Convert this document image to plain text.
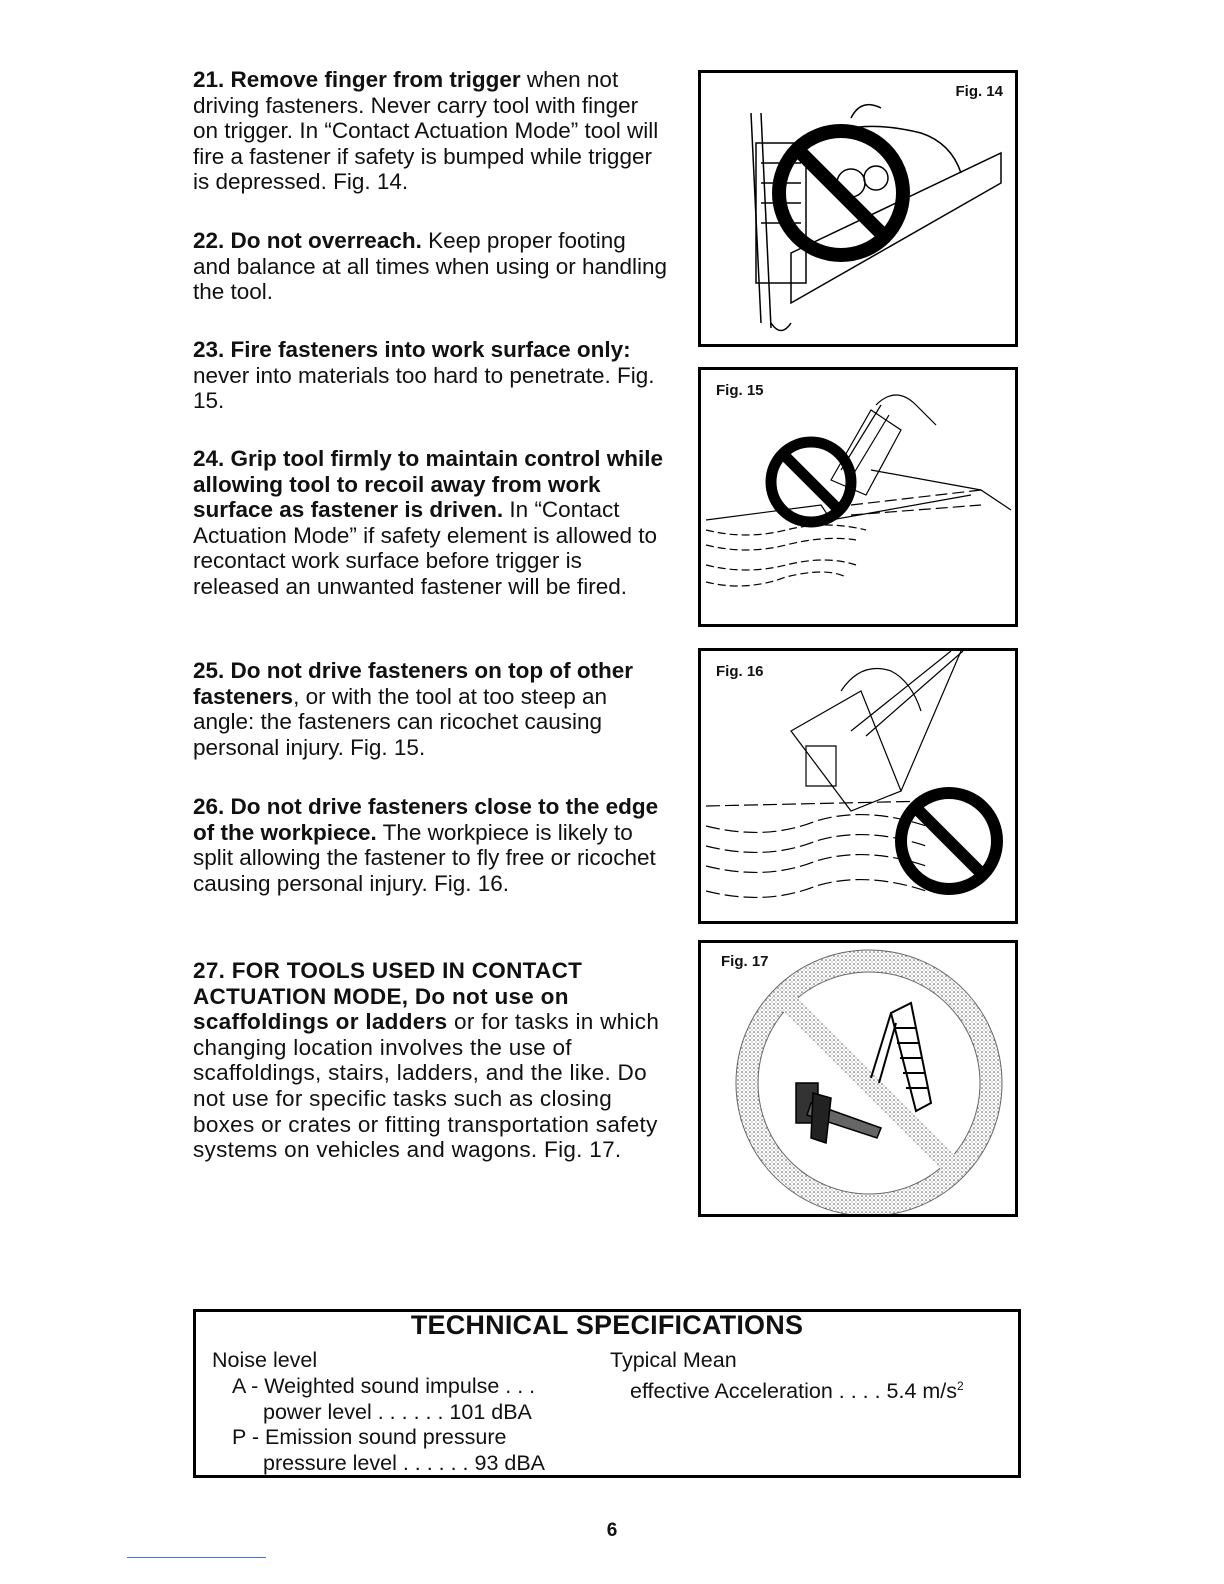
21. Remove finger from trigger when not driving fasteners. Never carry tool with finger on trigger. In “Contact Actuation Mode” tool will fire a fastener if safety is bumped while trigger is depressed. Fig. 14.
22. Do not overreach. Keep proper footing and balance at all times when using or handling the tool.
23. Fire fasteners into work surface only: never into materials too hard to penetrate. Fig. 15.
24. Grip tool firmly to maintain control while allowing tool to recoil away from work surface as fastener is driven. In “Contact Actuation Mode” if safety element is allowed to recontact work surface before trigger is released an unwanted fastener will be fired.
25. Do not drive fasteners on top of other fasteners, or with the tool at too steep an angle: the fasteners can ricochet causing personal injury. Fig. 15.
26. Do not drive fasteners close to the edge of the workpiece. The workpiece is likely to split allowing the fastener to fly free or ricochet causing personal injury. Fig. 16.
27. FOR TOOLS USED IN CONTACT ACTUATION MODE, Do not use on scaffoldings or ladders or for tasks in which changing location involves the use of scaffoldings, stairs, ladders, and the like. Do not use for specific tasks such as closing boxes or crates or fitting transportation safety systems on vehicles and wagons. Fig. 17.
Fig. 14
Fig. 15
Fig. 16
Fig. 17
TECHNICAL SPECIFICATIONS
Noise level
A - Weighted sound impulse . . .
power level . . . . . . 101 dBA
P - Emission sound pressure
pressure level . . . . . . 93 dBA
Typical Mean
effective Acceleration . . . . 5.4 $m/s^2$
6
